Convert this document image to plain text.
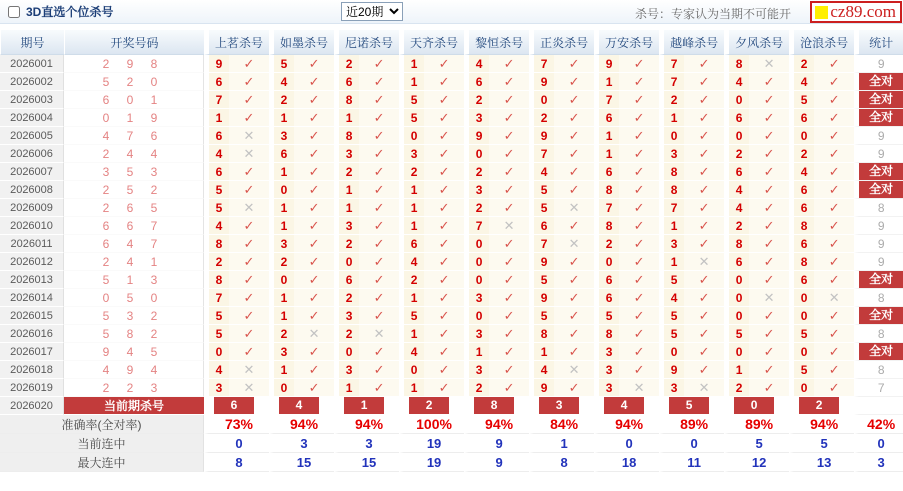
3D直选个位杀号
近20期	杀号：专家认为当期不可能开 cz89.com
期号	开奖号码	上茗杀号		如墨杀号		尼诺杀号		天齐杀号		黎恒杀号		正炎杀号		万安杀号		越峰杀号		夕风杀号		沧浪杀号		统计
2026001	2 9 8	9	✓	5	✓	2	✓	1	✓	4	✓	7	✓	9	✓	7	✓	8	✕	2	✓	9
2026002	5 2 0	6	✓	4	✓	6	✓	1	✓	6	✓	9	✓	1	✓	7	✓	4	✓	4	✓	全对

2026003	6 0 1	7	✓	2	✓	8	✓	5	✓	2	✓	0	✓	7	✓	2	✓	0	✓	5	✓	全对

2026004	0 1 9	1	✓	1	✓	1	✓	5	✓	3	✓	2	✓	6	✓	1	✓	6	✓	6	✓	全对

2026005	4 7 6	6	✕	3	✓	8	✓	0	✓	9	✓	9	✓	1	✓	0	✓	0	✓	0	✓	9
2026006	2 4 4	4	✕	6	✓	3	✓	3	✓	0	✓	7	✓	1	✓	3	✓	2	✓	2	✓	9
2026007	3 5 3	6	✓	1	✓	2	✓	2	✓	2	✓	4	✓	6	✓	8	✓	6	✓	4	✓	全对

2026008	2 5 2	5	✓	0	✓	1	✓	1	✓	3	✓	5	✓	8	✓	8	✓	4	✓	6	✓	全对

2026009	2 6 5	5	✕	1	✓	1	✓	1	✓	2	✓	5	✕	7	✓	7	✓	4	✓	6	✓	8
2026010	6 6 7	4	✓	1	✓	3	✓	1	✓	7	✕	6	✓	8	✓	1	✓	2	✓	8	✓	9
2026011	6 4 7	8	✓	3	✓	2	✓	6	✓	0	✓	7	✕	2	✓	3	✓	8	✓	6	✓	9
2026012	2 4 1	2	✓	2	✓	0	✓	4	✓	0	✓	9	✓	0	✓	1	✕	6	✓	8	✓	9
2026013	5 1 3	8	✓	0	✓	6	✓	2	✓	0	✓	5	✓	6	✓	5	✓	0	✓	6	✓	全对

2026014	0 5 0	7	✓	1	✓	2	✓	1	✓	3	✓	9	✓	6	✓	4	✓	0	✕	0	✕	8
2026015	5 3 2	5	✓	1	✓	3	✓	5	✓	0	✓	5	✓	5	✓	5	✓	0	✓	0	✓	全对

2026016	5 8 2	5	✓	2	✕	2	✕	1	✓	3	✓	8	✓	8	✓	5	✓	5	✓	5	✓	8
2026017	9 4 5	0	✓	3	✓	0	✓	4	✓	1	✓	1	✓	3	✓	0	✓	0	✓	0	✓	全对

2026018	4 9 4	4	✕	1	✓	3	✓	0	✓	3	✓	4	✕	3	✓	9	✓	1	✓	5	✓	8
2026019	2 2 3	3	✕	0	✓	1	✓	1	✓	2	✓	9	✓	3	✕	3	✕	2	✓	0	✓	7
2026020	当前期杀号	6		4		1		2		8		3		4		5		0		2		

准确率(全对率)		73%		94%		94%		100%		94%		84%		94%		89%		89%		94%		42%
当前连中		0		3		3		19		9		1		0		0		5		5		0
最大连中		8		15		15		19		9		8		18		11		12		13		3
